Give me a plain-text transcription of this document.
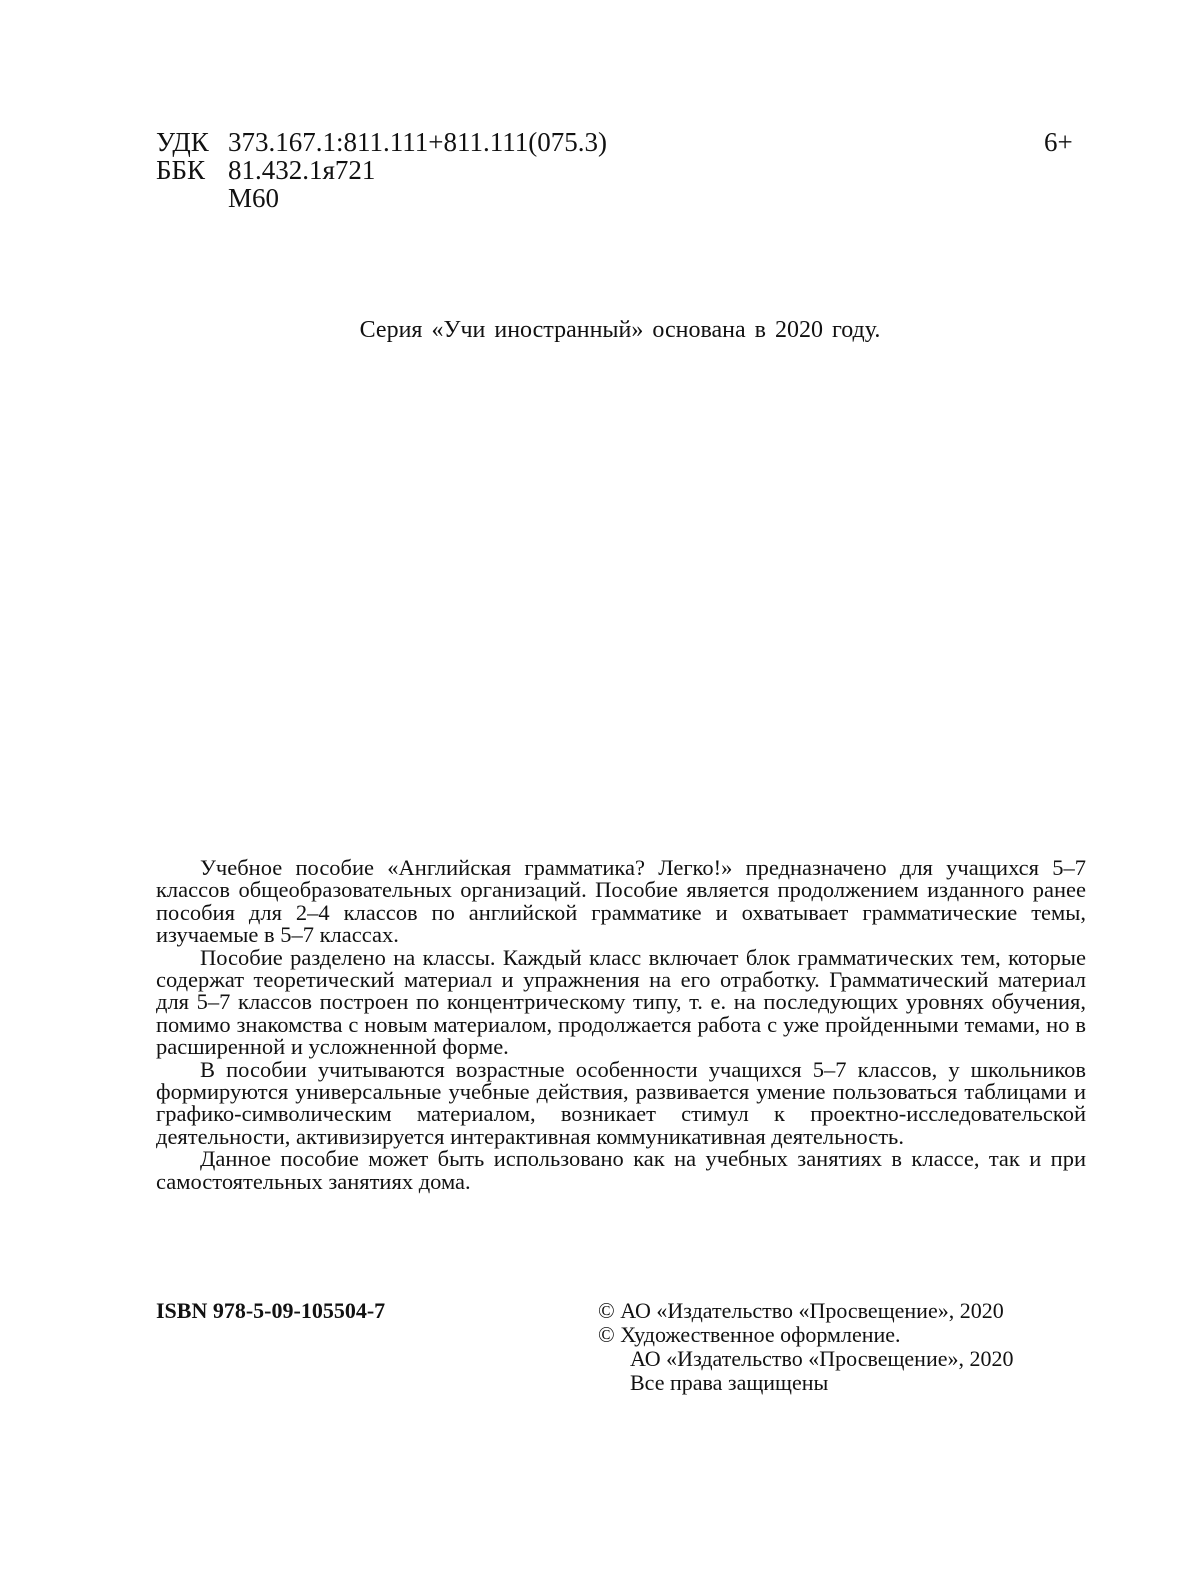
УДК 373.167.1:811.111+811.111(075.3)
ББК 81.432.1я721
М60
6+
Серия «Учи иностранный» основана в 2020 году.

Учебное пособие «Английская грамматика? Легко!» предназначено для учащихся 5–7 классов общеобразовательных организаций. Пособие является продолжением изданного ранее пособия для 2–4 классов по английской грамматике и охватывает грамматические темы, изучаемые в 5–7 классах.

Пособие разделено на классы. Каждый класс включает блок грамматических тем, которые содержат теоретический материал и упражнения на его отработку. Грамматический материал для 5–7 классов построен по концентрическому типу, т. е. на последующих уровнях обучения, помимо знакомства с новым материалом, продолжается работа с уже пройденными темами, но в расширенной и усложненной форме.

В пособии учитываются возрастные особенности учащихся 5–7 классов, у школьников формируются универсальные учебные действия, развивается умение пользоваться таблицами и графико-символическим материалом, возникает стимул к проектно-исследовательской деятельности, активизируется интерактивная коммуникативная деятельность.

Данное пособие может быть использовано как на учебных занятиях в классе, так и при самостоятельных занятиях дома.

ISBN 978-5-09-105504-7	© АО «Издательство «Просвещение», 2020
© Художественное оформление.
АО «Издательство «Просвещение», 2020
Все права защищены
